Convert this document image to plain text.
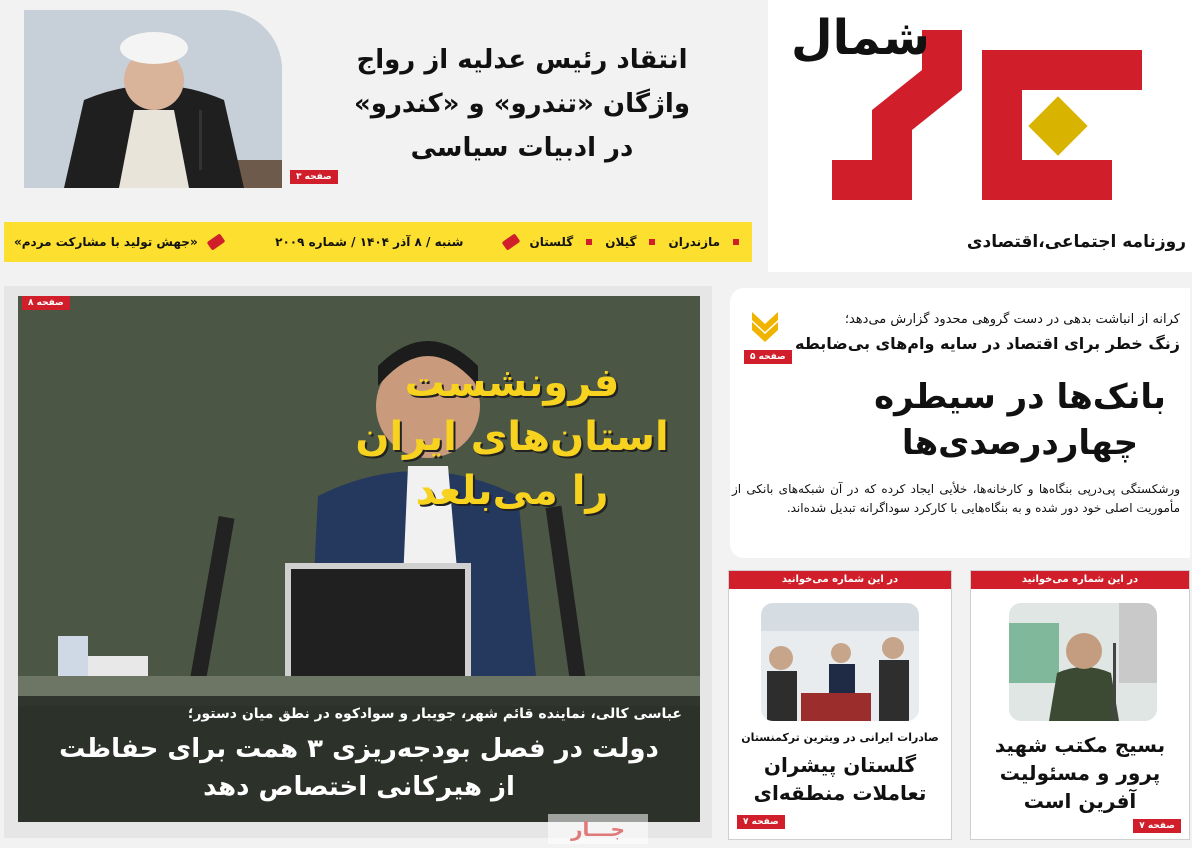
شمال
روزنامه اجتماعی،اقتصادی
انتقاد رئیس عدلیه از رواج
واژگان «تندرو» و «کندرو»
در ادبیات سیاسی
صفحه ۳
مازندران
گیلان
گلستان
شنبه / ۸ آذر ۱۴۰۴ / شماره ۲۰۰۹
«جهش تولید با مشارکت مردم»
فرونشست
استان‌های ایران
را می‌بلعد
عباسی کالی، نماینده قائم شهر، جویبار و سوادکوه در نطق میان دستور؛
دولت در فصل بودجه‌ریزی ۳ همت برای حفاظت
از هیرکانی اختصاص دهد
صفحه ۸
صفحه ۵
کرانه از انباشت بدهی در دست گروهی محدود گزارش می‌دهد؛
زنگ خطر برای اقتصاد در سایه وام‌های بی‌ضابطه
بانک‌ها در سیطره
چهاردرصدی‌ها
ورشکستگی پی‌درپی بنگاه‌ها و کارخانه‌ها، خلأیی ایجاد کرده که در آن شبکه‌های بانکی از مأموریت اصلی خود دور شده و به بنگاه‌هایی با کارکرد سوداگرانه تبدیل شده‌اند.
در این شماره می‌خوانید
بسیج مکتب شهید
پرور و مسئولیت
آفرین است
صفحه ۷
در این شماره می‌خوانید
صادرات ایرانی در ویترین ترکمنستان
گلستان پیشران
تعاملات منطقه‌ای
صفحه ۷
جـــار
